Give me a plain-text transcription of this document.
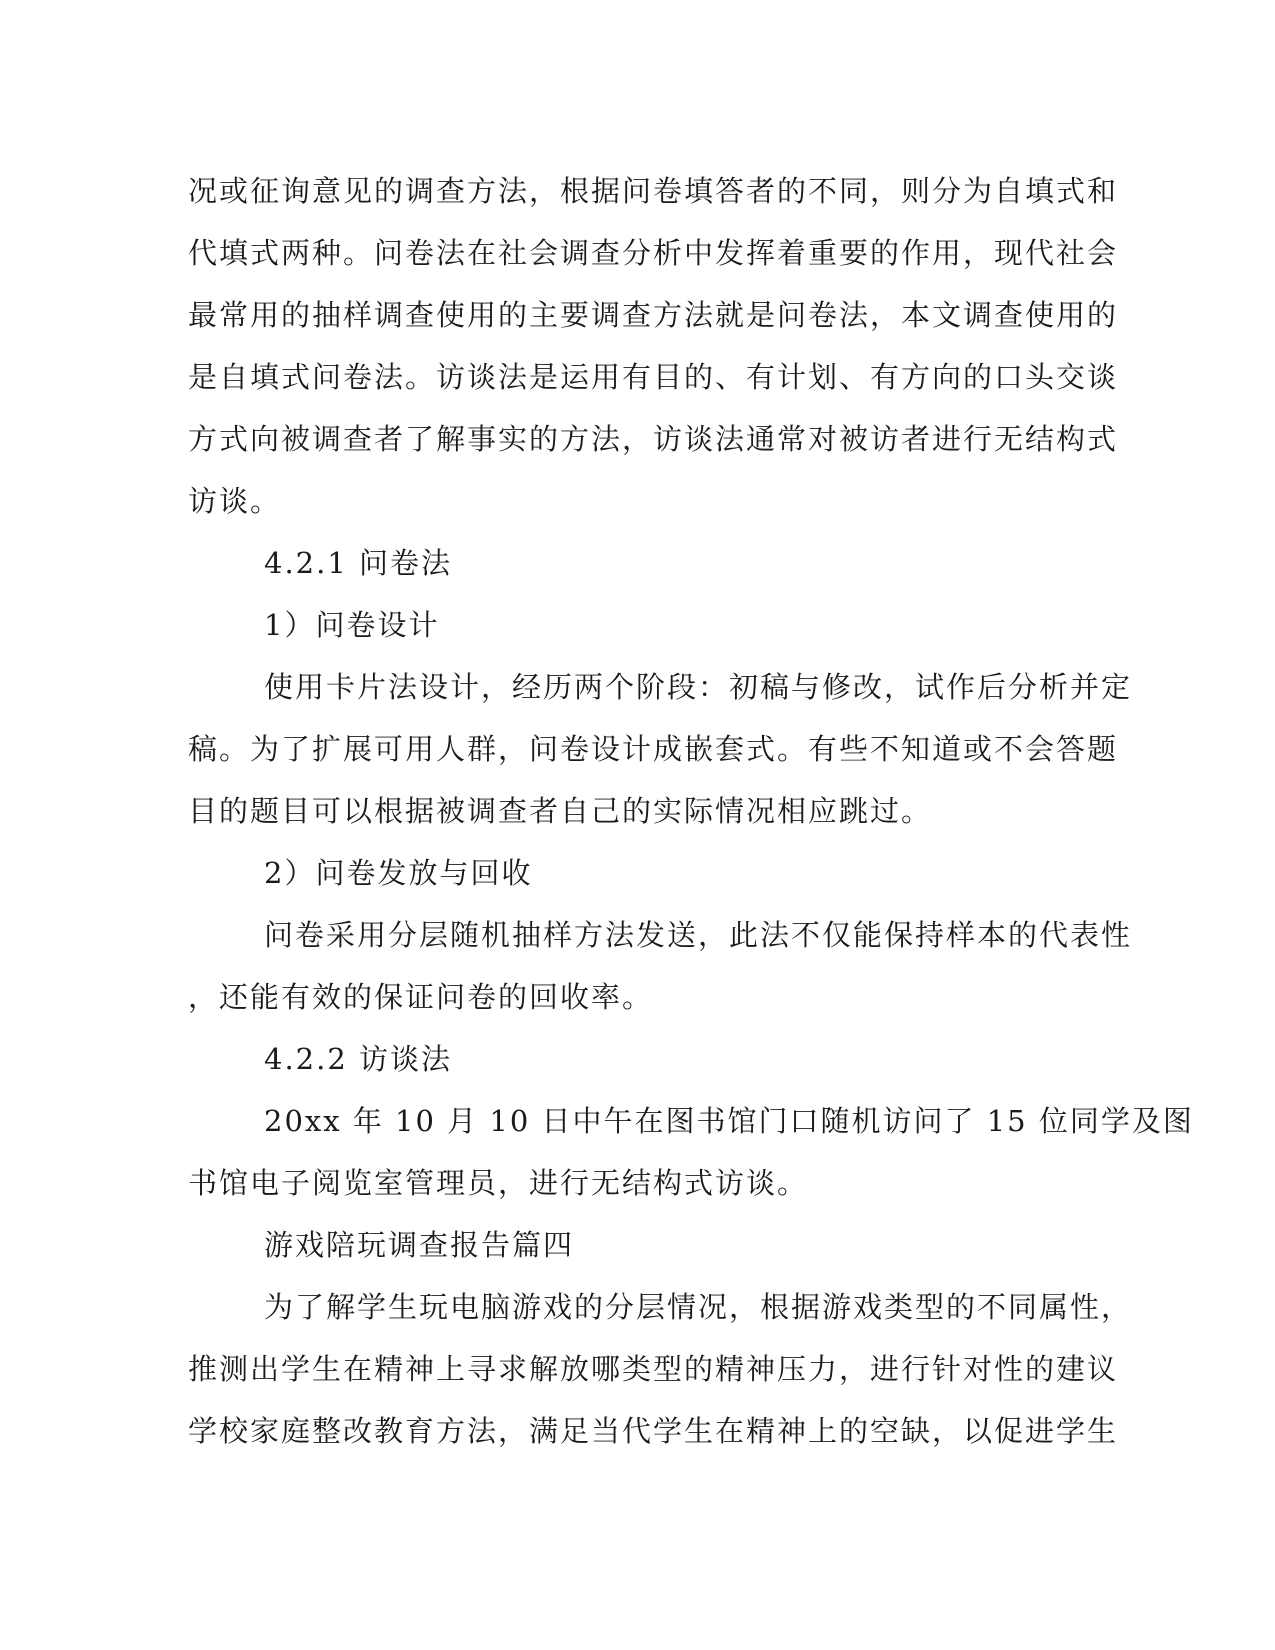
况或征询意见的调查方法，根据问卷填答者的不同，则分为自填式和
代填式两种。问卷法在社会调查分析中发挥着重要的作用，现代社会
最常用的抽样调查使用的主要调查方法就是问卷法，本文调查使用的
是自填式问卷法。访谈法是运用有目的、有计划、有方向的口头交谈
方式向被调查者了解事实的方法，访谈法通常对被访者进行无结构式
访谈。
4.2.1 问卷法
1）问卷设计
使用卡片法设计，经历两个阶段：初稿与修改，试作后分析并定
稿。为了扩展可用人群，问卷设计成嵌套式。有些不知道或不会答题
目的题目可以根据被调查者自己的实际情况相应跳过。
2）问卷发放与回收
问卷采用分层随机抽样方法发送，此法不仅能保持样本的代表性
，还能有效的保证问卷的回收率。
4.2.2 访谈法
20xx 年 10 月 10 日中午在图书馆门口随机访问了 15 位同学及图
书馆电子阅览室管理员，进行无结构式访谈。
游戏陪玩调查报告篇四
为了解学生玩电脑游戏的分层情况，根据游戏类型的不同属性，
推测出学生在精神上寻求解放哪类型的精神压力，进行针对性的建议
学校家庭整改教育方法，满足当代学生在精神上的空缺，以促进学生
